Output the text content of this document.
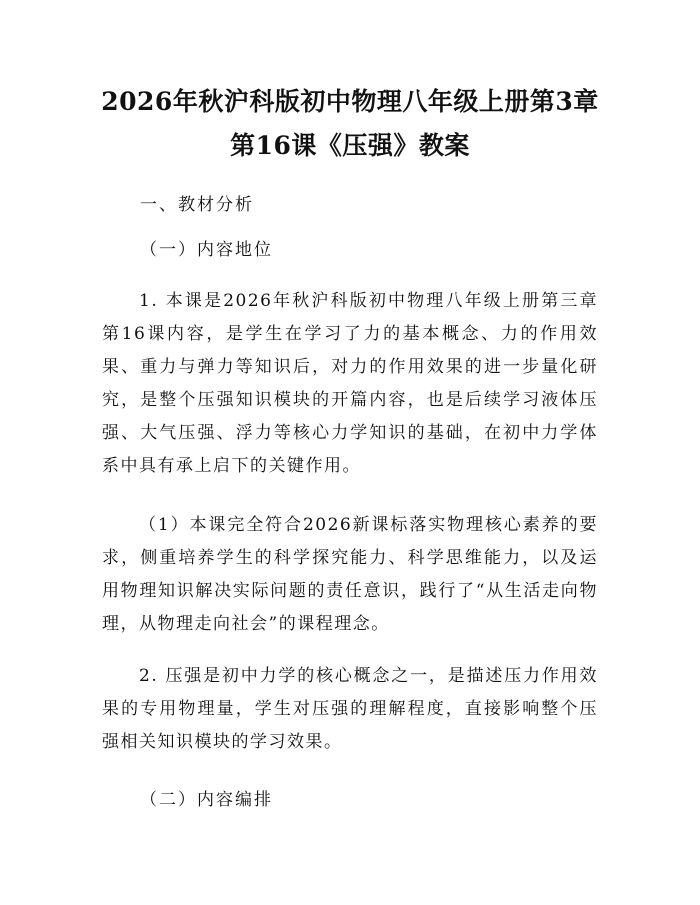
2026年秋沪科版初中物理八年级上册第3章
第16课《压强》教案
一、教材分析
（一）内容地位

1. 本课是2026年秋沪科版初中物理八年级上册第三章第16课内容，是学生在学习了力的基本概念、力的作用效果、重力与弹力等知识后，对力的作用效果的进一步量化研究，是整个压强知识模块的开篇内容，也是后续学习液体压强、大气压强、浮力等核心力学知识的基础，在初中力学体系中具有承上启下的关键作用。

（1）本课完全符合2026新课标落实物理核心素养的要求，侧重培养学生的科学探究能力、科学思维能力，以及运用物理知识解决实际问题的责任意识，践行了“从生活走向物理，从物理走向社会”的课程理念。

2. 压强是初中力学的核心概念之一，是描述压力作用效果的专用物理量，学生对压强的理解程度，直接影响整个压强相关知识模块的学习效果。

（二）内容编排
